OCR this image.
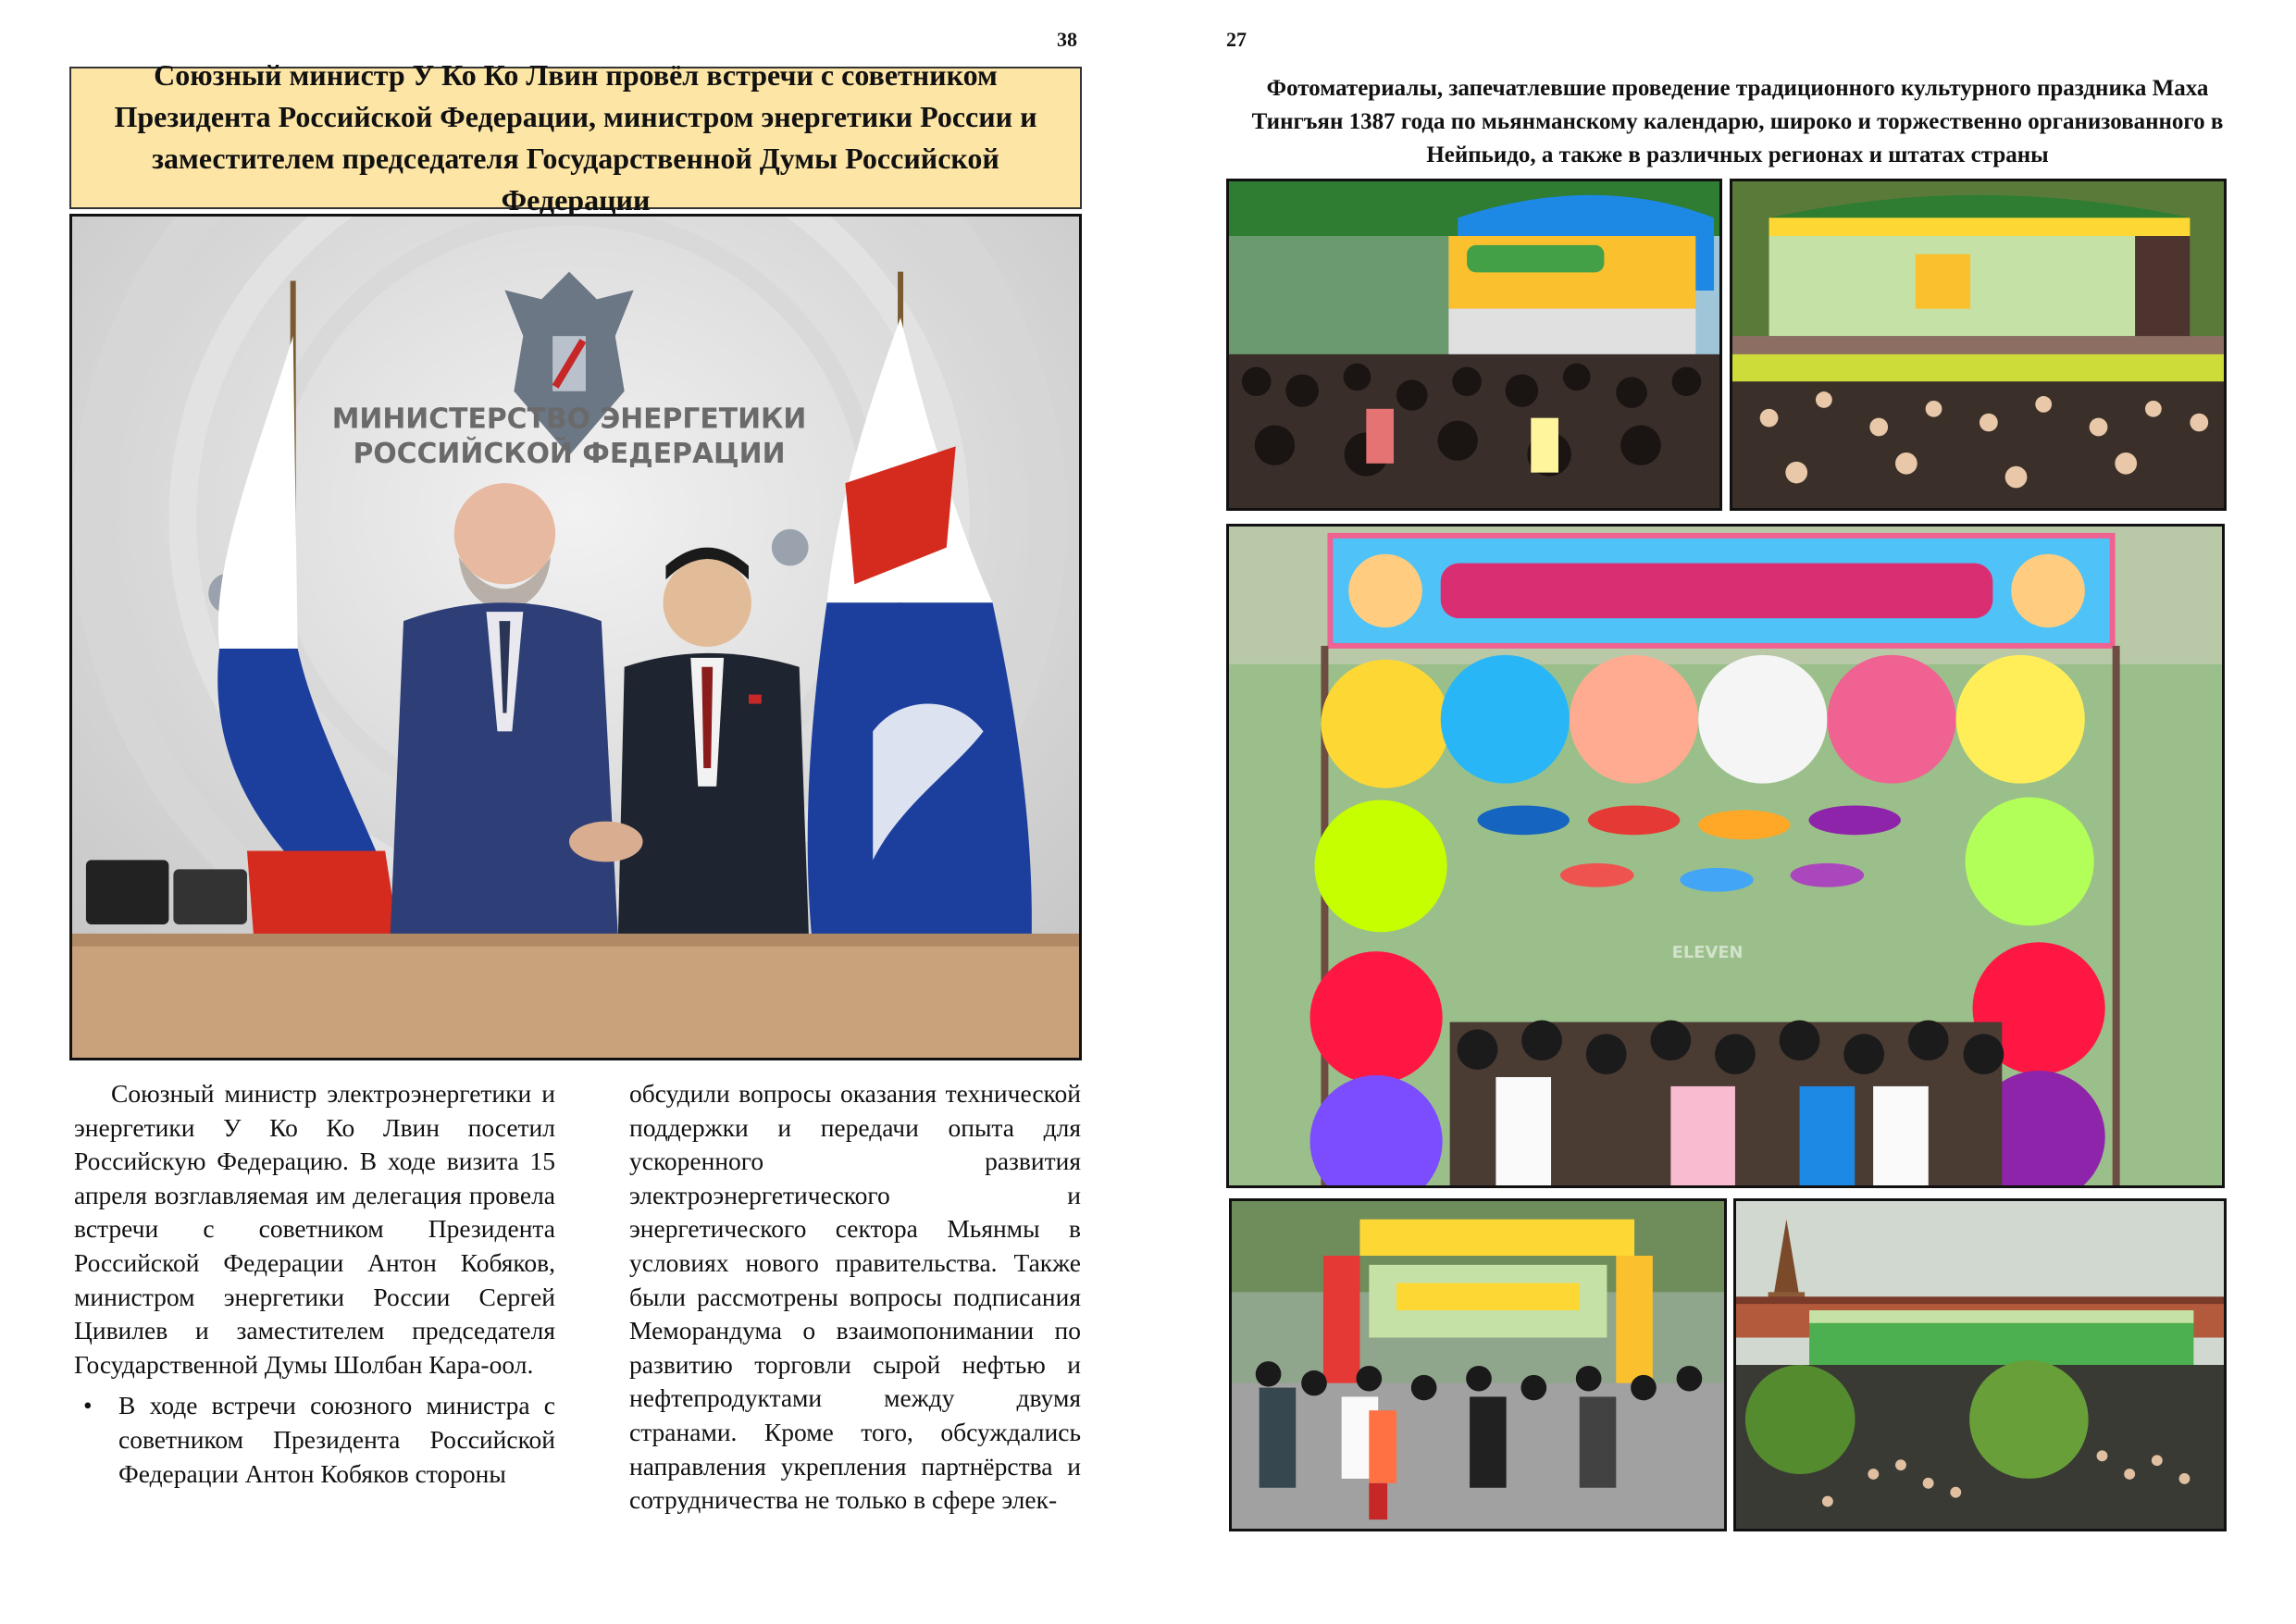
38
Союзный министр У Ко Ко Лвин провёл встречи с советником Президента Российской Федерации, министром энергетики России и заместителем председателя Государственной Думы Российской Федерации
МИНИСТЕРСТВО ЭНЕРГЕТИКИ
РОССИЙСКОЙ ФЕДЕРАЦИИ

Союзный министр электроэнергетики и энергетики У Ко Ко Лвин посетил Российскую Федерацию. В ходе визита 15 апреля возглавляемая им делегация провела встречи с советником Президента Российской Федерации Антон Кобяков, министром энергетики России Сергей Цивилев и заместителем председателя Государственной Думы Шолбан Кара-оол.

• В ходе встречи союзного министра с советником Президента Российской Федерации Антон Кобяков стороны

обсудили вопросы оказания технической поддержки и передачи опыта для ускоренного развития электроэнергетического и энергетического сектора Мьянмы в условиях нового правительства. Также были рассмотрены вопросы подписания Меморандума о взаимопонимании по развитию торговли сырой нефтью и нефтепродуктами между двумя странами. Кроме того, обсуждались направления укрепления партнёрства и сотрудничества не только в сфере элек-

27
Фотоматериалы, запечатлевшие проведение традиционного культурного праздника Маха Тингъян 1387 года по мьянманскому календарю, широко и торжественно организованного в Нейпьидо, а также в различных регионах и штатах страны
ELEVEN
